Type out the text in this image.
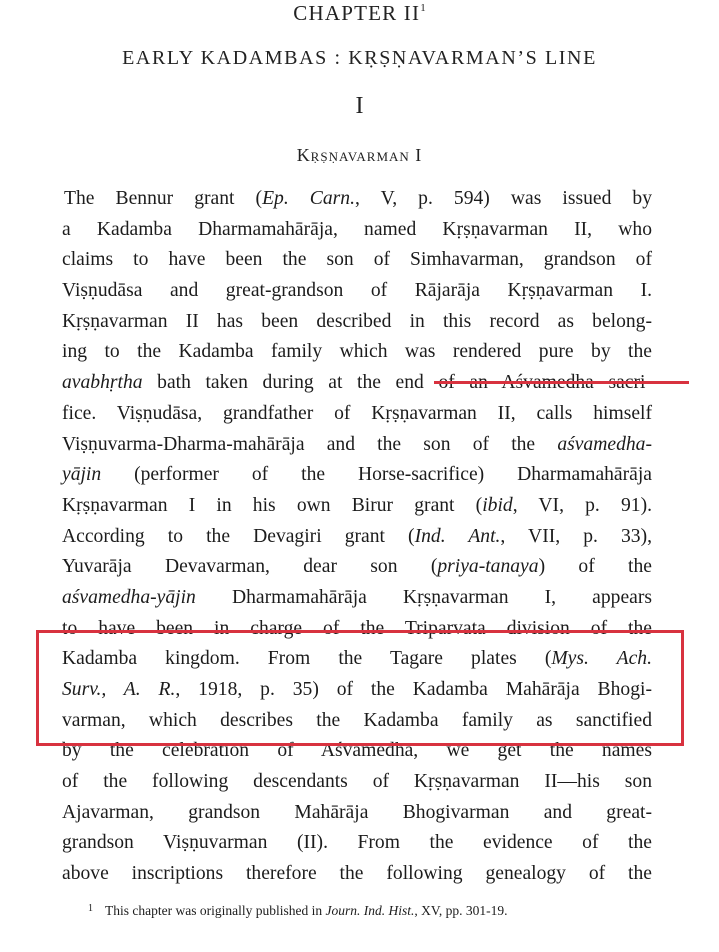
CHAPTER $II^1$
EARLY KADAMBAS : KṚṢṆAVARMAN’S LINE
I
Kṛṣṇavarman I
The Bennur grant (Ep. Carn., V, p. 594) was issued by
a Kadamba Dharmamahārāja, named Kṛṣṇavarman II, who
claims to have been the son of Simhavarman, grandson of
Viṣṇudāsa and great-grandson of Rājarāja Kṛṣṇavarman I.
Kṛṣṇavarman II has been described in this record as belong-
ing to the Kadamba family which was rendered pure by the
avabhṛtha bath taken during at the end of an Aśvamedha sacri-
fice. Viṣṇudāsa, grandfather of Kṛṣṇavarman II, calls himself
Viṣṇuvarma-Dharma-mahārāja and the son of the aśvamedha-
yājin (performer of the Horse-sacrifice) Dharmamahārāja
Kṛṣṇavarman I in his own Birur grant (ibid, VI, p. 91).
According to the Devagiri grant (Ind. Ant., VII, p. 33),
Yuvarāja Devavarman, dear son (priya-tanaya) of the
aśvamedha-yājin Dharmamahārāja Kṛṣṇavarman I, appears
to have been in charge of the Triparvata division of the
Kadamba kingdom. From the Tagare plates (Mys. Ach.
Surv., A. R., 1918, p. 35) of the Kadamba Mahārāja Bhogi-
varman, which describes the Kadamba family as sanctified
by the celebration of Aśvamedha, we get the names
of the following descendants of Kṛṣṇavarman II—his son
Ajavarman, grandson Mahārāja Bhogivarman and great-
grandson Viṣṇuvarman (II). From the evidence of the
above inscriptions therefore the following genealogy of the
$^1$ This chapter was originally published in Journ. Ind. Hist., XV, pp. 301-19.
